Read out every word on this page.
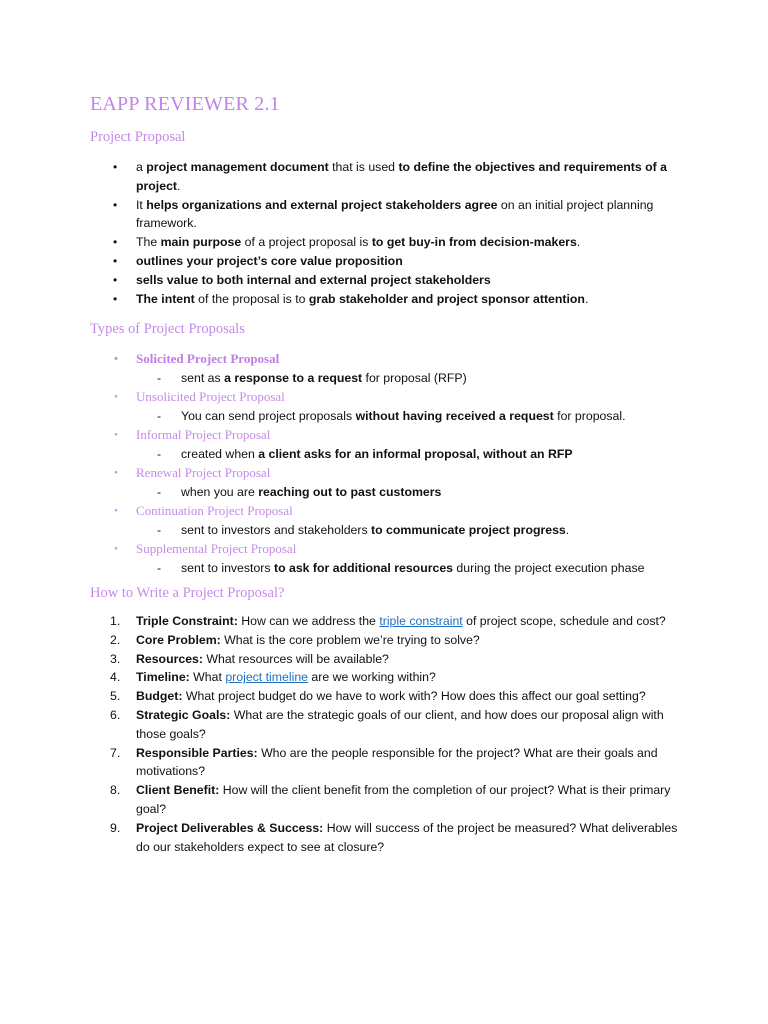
EAPP REVIEWER 2.1
Project Proposal
• a project management document that is used to define the objectives and requirements of a project.
• It helps organizations and external project stakeholders agree on an initial project planning framework.
• The main purpose of a project proposal is to get buy-in from decision-makers.
• outlines your project’s core value proposition
• sells value to both internal and external project stakeholders
• The intent of the proposal is to grab stakeholder and project sponsor attention.
Types of Project Proposals
• Solicited Project Proposal
- sent as a response to a request for proposal (RFP)
• Unsolicited Project Proposal
- You can send project proposals without having received a request for proposal.
• Informal Project Proposal
- created when a client asks for an informal proposal, without an RFP
• Renewal Project Proposal
- when you are reaching out to past customers
• Continuation Project Proposal
- sent to investors and stakeholders to communicate project progress.
• Supplemental Project Proposal
- sent to investors to ask for additional resources during the project execution phase
How to Write a Project Proposal?
1. Triple Constraint: How can we address the triple constraint of project scope, schedule and cost?
2. Core Problem: What is the core problem we’re trying to solve?
3. Resources: What resources will be available?
4. Timeline: What project timeline are we working within?
5. Budget: What project budget do we have to work with? How does this affect our goal setting?
6. Strategic Goals: What are the strategic goals of our client, and how does our proposal align with those goals?
7. Responsible Parties: Who are the people responsible for the project? What are their goals and motivations?
8. Client Benefit: How will the client benefit from the completion of our project? What is their primary goal?
9. Project Deliverables & Success: How will success of the project be measured? What deliverables do our stakeholders expect to see at closure?
